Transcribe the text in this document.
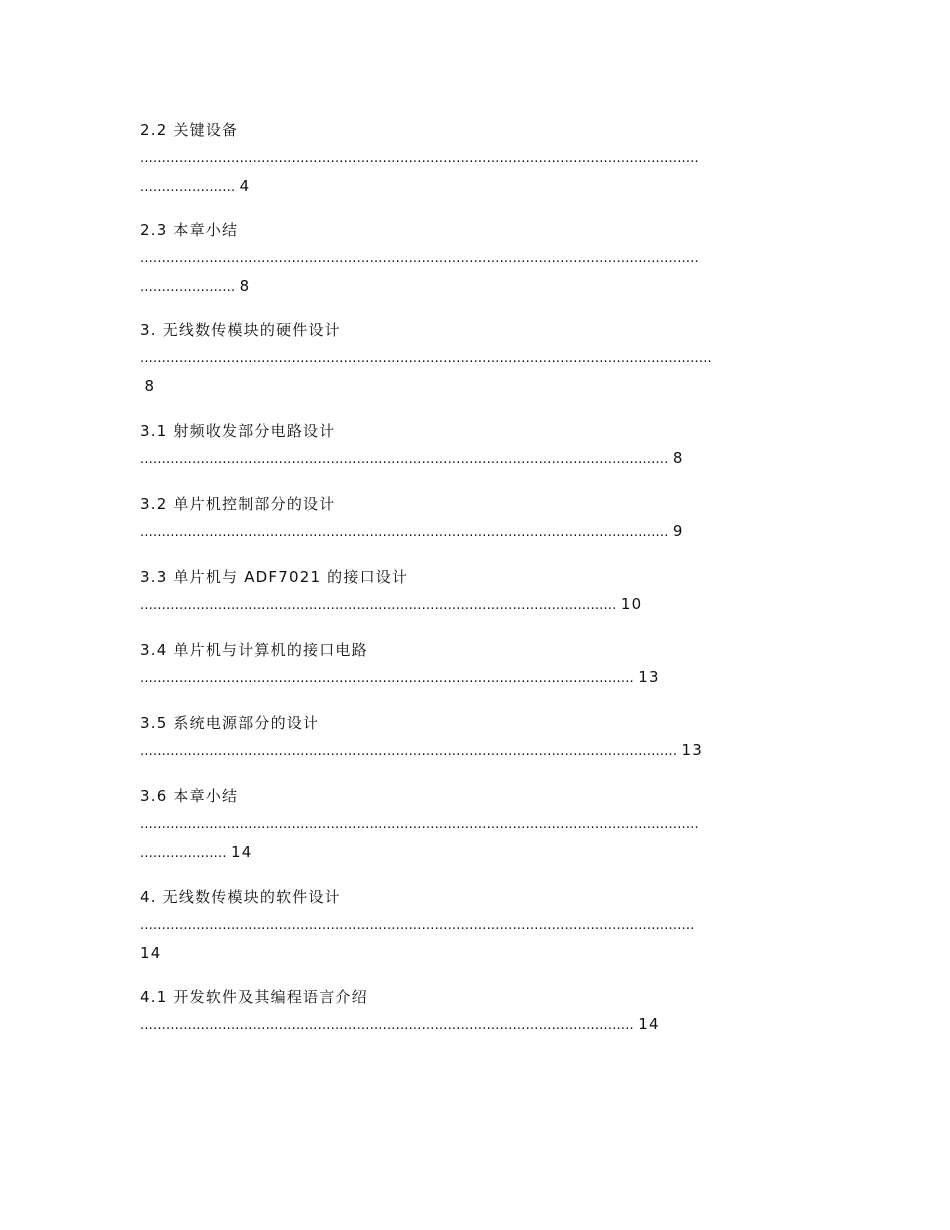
2.2 关键设备
.................................................................................................................................
...................... 4
2.3 本章小结
.................................................................................................................................
...................... 8
3. 无线数传模块的硬件设计
....................................................................................................................................
8
3.1 射频收发部分电路设计
.......................................................................................................................... 8
3.2 单片机控制部分的设计
.......................................................................................................................... 9
3.3 单片机与 ADF7021 的接口设计
.............................................................................................................. 10
3.4 单片机与计算机的接口电路
.................................................................................................................. 13
3.5 系统电源部分的设计
............................................................................................................................ 13
3.6 本章小结
.................................................................................................................................
.................... 14
4. 无线数传模块的软件设计
................................................................................................................................
14
4.1 开发软件及其编程语言介绍
.................................................................................................................. 14
